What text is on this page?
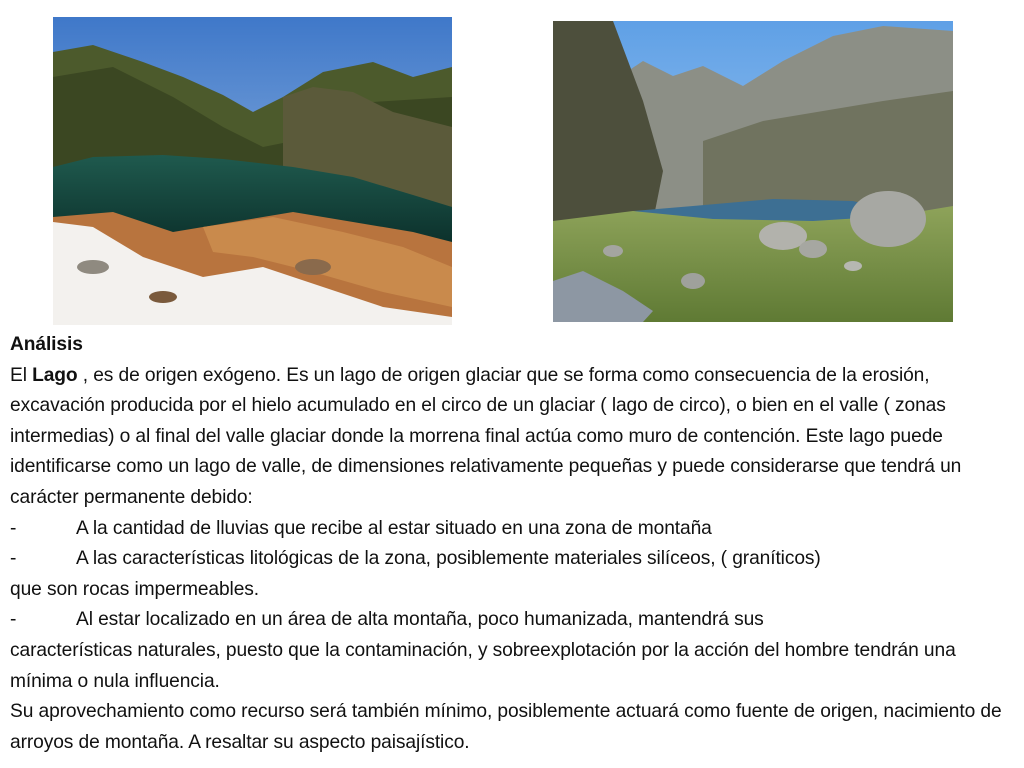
Análisis
El Lago , es de origen exógeno. Es un lago de origen glaciar que se forma como consecuencia de la erosión, excavación producida por el hielo acumulado en el circo de un glaciar ( lago de circo), o bien en el valle ( zonas intermedias) o al final del valle glaciar donde la morrena final actúa como muro de contención. Este lago puede identificarse como un lago de valle, de dimensiones relativamente pequeñas y puede considerarse que tendrá un carácter permanente debido:
-	A la cantidad de lluvias que recibe al estar situado en una zona de montaña
-	A las características litológicas de la zona, posiblemente materiales silíceos, ( graníticos)
que son rocas impermeables.
-	Al estar localizado en un área de alta montaña, poco humanizada, mantendrá sus
características naturales, puesto que la contaminación, y sobreexplotación por la acción del hombre tendrán una mínima o nula influencia.
Su aprovechamiento como recurso será también mínimo, posiblemente actuará como fuente de origen, nacimiento de arroyos de montaña. A resaltar su aspecto paisajístico.
